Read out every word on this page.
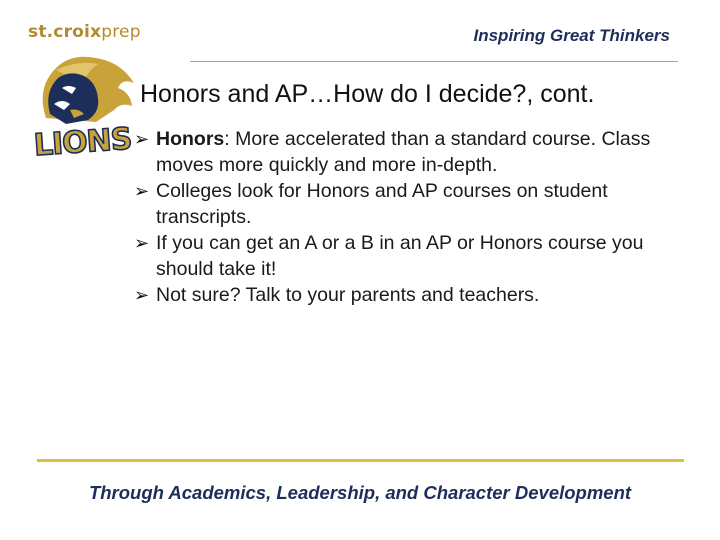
st.croixprep	Inspiring Great Thinkers
LIONS
Honors and AP…How do I decide?, cont.
➢ Honors: More accelerated than a standard course. Class moves more quickly and more in-depth.
➢ Colleges look for Honors and AP courses on student transcripts.
➢ If you can get an A or a B in an AP or Honors course you should take it!
➢ Not sure? Talk to your parents and teachers.
Through Academics, Leadership, and Character Development
